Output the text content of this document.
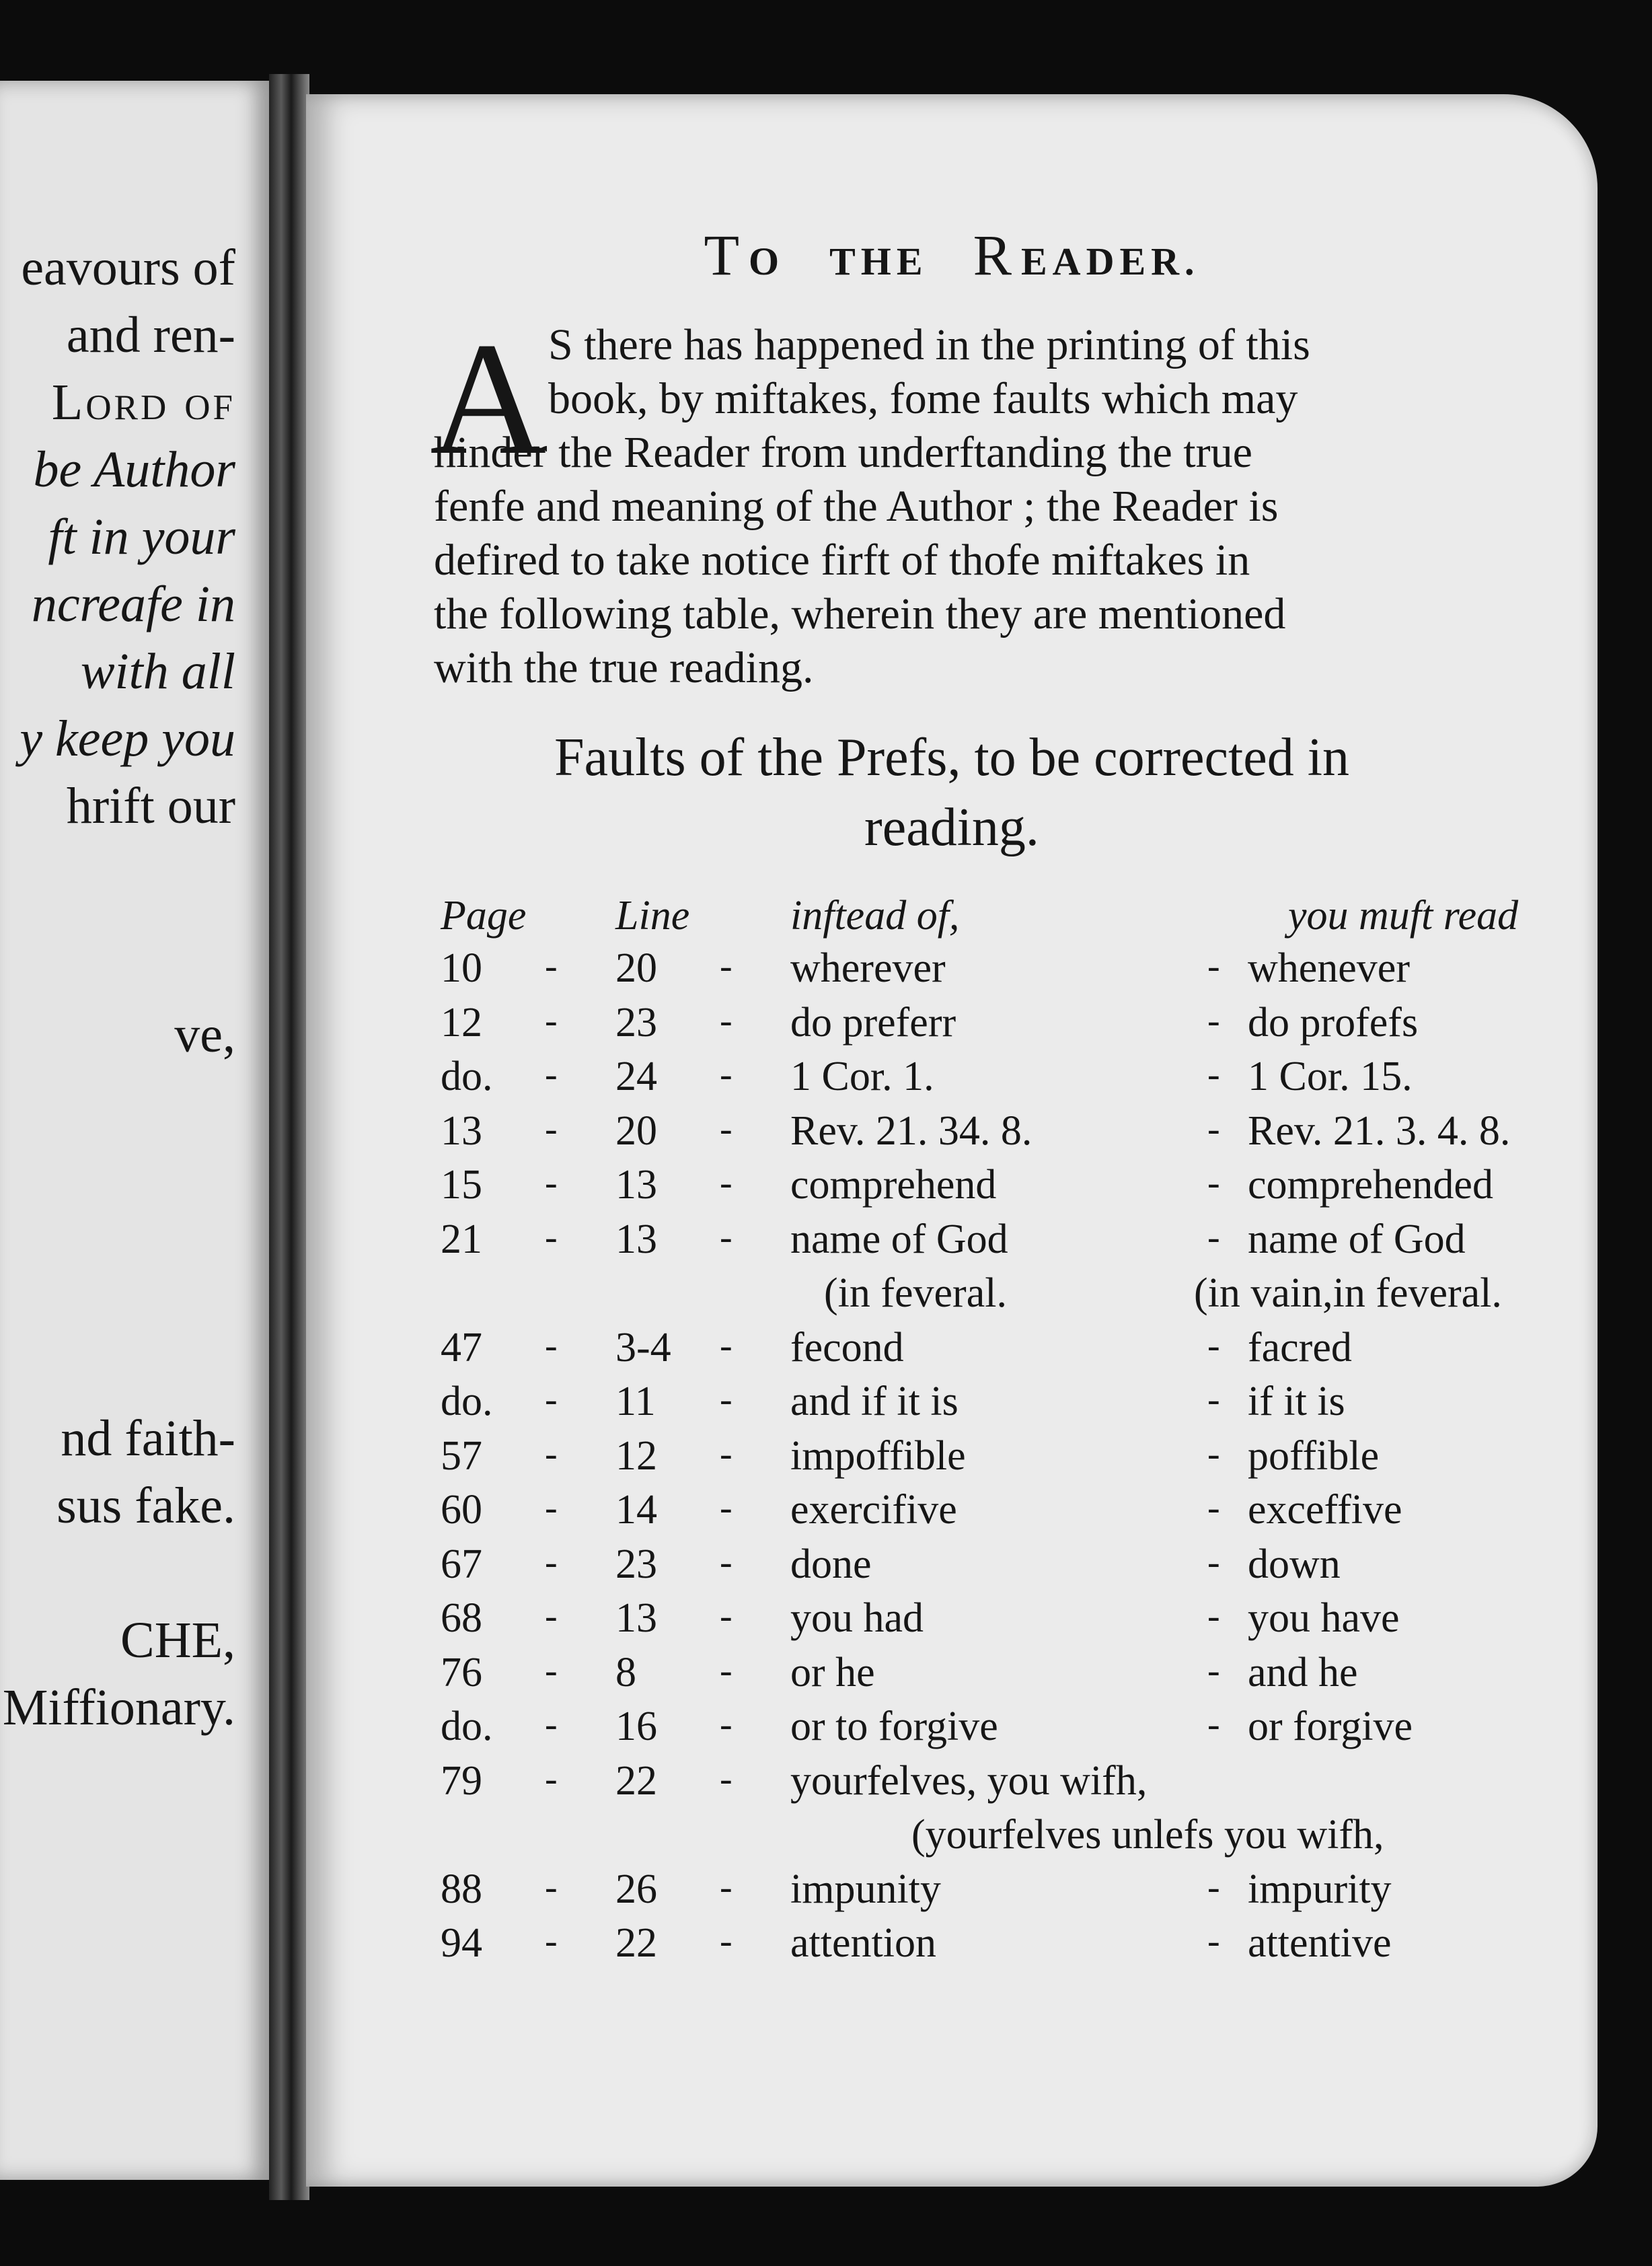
eavours of
and ren-
Lord of
be Author
ft in your
ncreafe in
with all
y keep you
hrift our
ve,
nd faith-
sus fake.
CHE,
Miffionary.
TO THE READER.
A S there has happened in the printing of this
book, by miftakes, fome faults which may
hinder the Reader from underftanding the true
fenfe and meaning of the Author ; the Reader is
defired to take notice firft of thofe miftakes in
the following table, wherein they are mentioned
with the true reading.
Faults of the Prefs, to be corrected in
reading.
Page Line inftead of,	you muft read
10 - 20 - wherever	- whenever
12 - 23 - do preferr	- do profefs
do. - 24 - 1 Cor. 1.	- 1 Cor. 15.
13 - 20 - Rev. 21. 34. 8.	- Rev. 21. 3. 4. 8.
15 - 13 - comprehend	- comprehended
21 - 13 - name of God	- name of God
(in feveral.	(in vain,in feveral.
47 - 3-4 - fecond	- facred
do. - 11 - and if it is	- if it is
57 - 12 - impoffible	- poffible
60 - 14 - exercifive	- exceffive
67 - 23 - done	- down
68 - 13 - you had	- you have
76 - 8 - or he	- and he
do. - 16 - or to forgive	- or forgive
79 - 22 - yourfelves, you wifh,
(yourfelves unlefs you wifh,
88 - 26 - impunity	- impurity
94 - 22 - attention	- attentive
